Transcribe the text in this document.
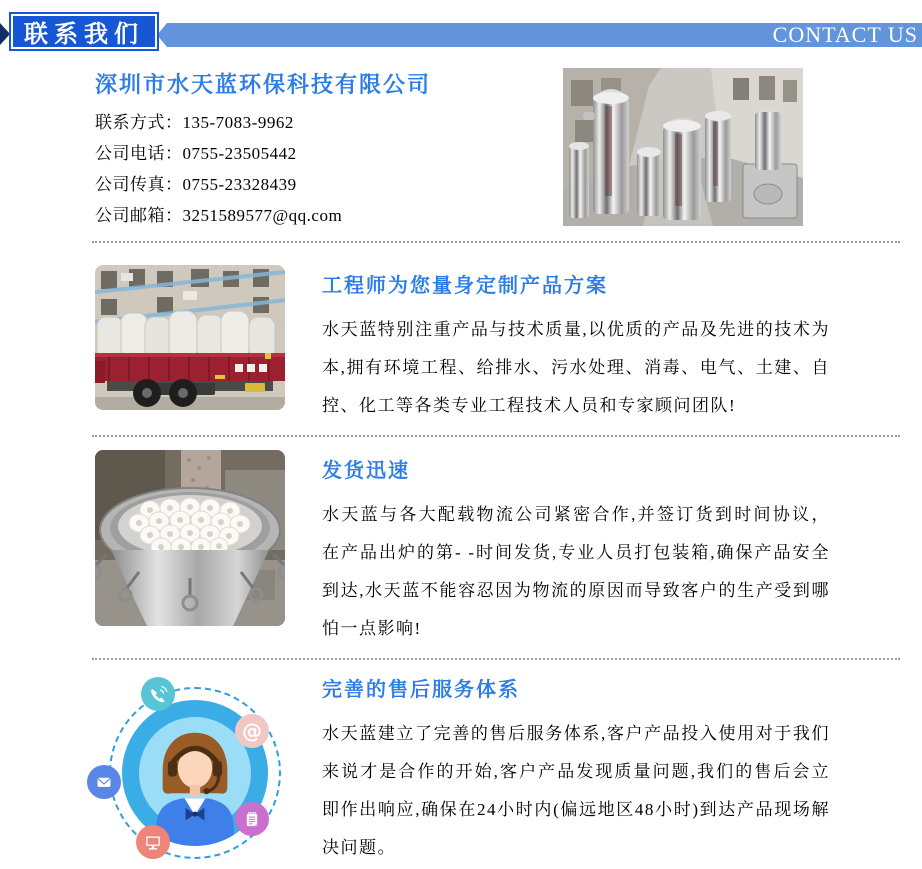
CONTACT US
联系我们
深圳市水天蓝环保科技有限公司
联系方式：135-7083-9962
公司电话：0755-23505442
公司传真：0755-23328439
公司邮箱：3251589577@qq.com
工程师为您量身定制产品方案

水天蓝特别注重产品与技术质量,以优质的产品及先进的技术为本,拥有环境工程、给排水、污水处理、消毒、电气、土建、自控、化工等各类专业工程技术人员和专家顾问团队!

发货迅速

水天蓝与各大配载物流公司紧密合作,并签订货到时间协议， 在产品出炉的第- -时间发货,专业人员打包装箱,确保产品安全到达,水天蓝不能容忍因为物流的原因而导致客户的生产受到哪怕一点影响!

@
完善的售后服务体系

水天蓝建立了完善的售后服务体系,客户产品投入使用对于我们来说才是合作的开始,客户产品发现质量问题,我们的售后会立即作出响应,确保在24小时内(偏远地区48小时)到达产品现场解决问题。
